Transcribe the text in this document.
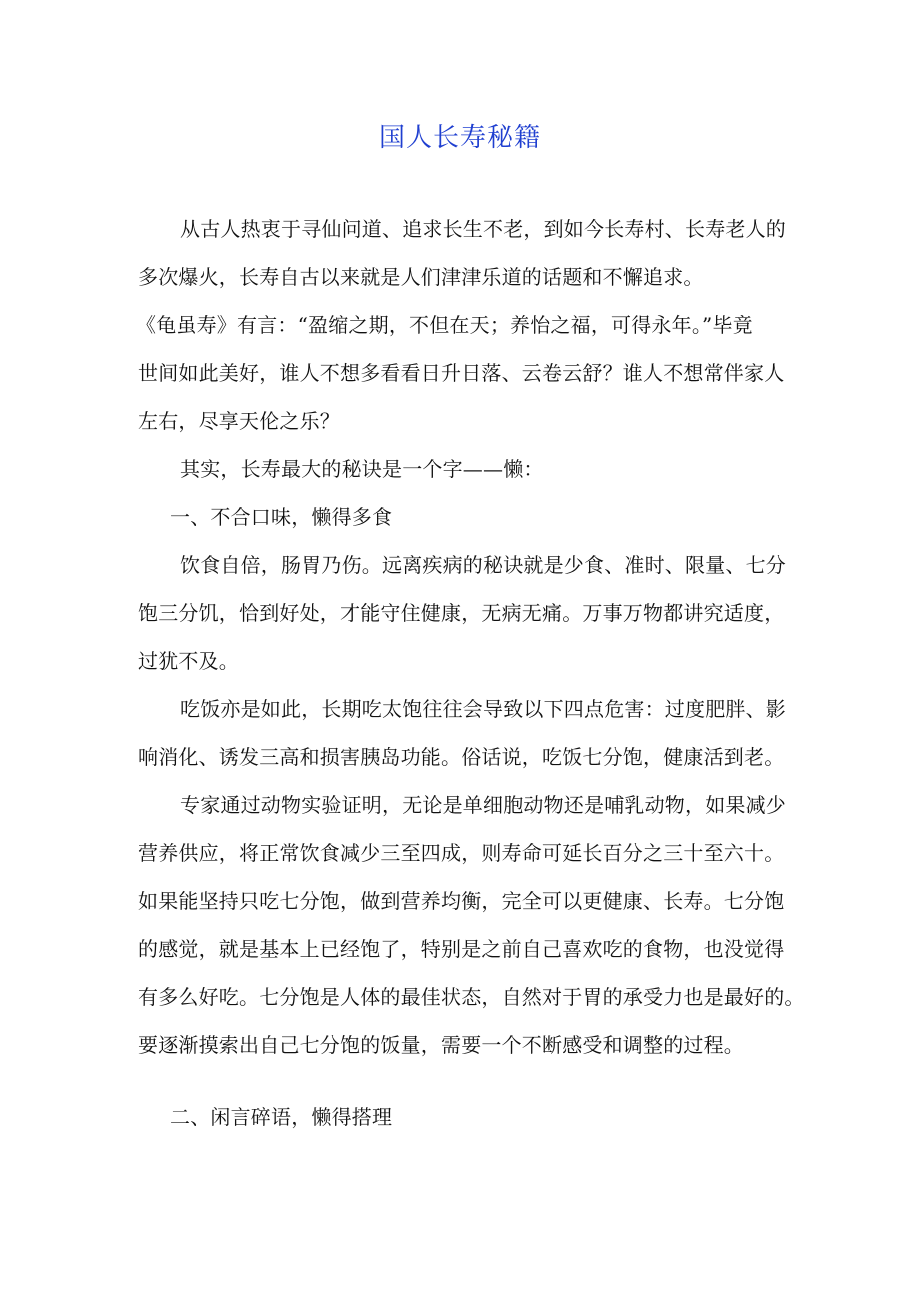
国人长寿秘籍
从古人热衷于寻仙问道、追求长生不老，到如今长寿村、长寿老人的
多次爆火，长寿自古以来就是人们津津乐道的话题和不懈追求。
《龟虽寿》有言：“盈缩之期，不但在天；养怡之福，可得永年。”毕竟
世间如此美好，谁人不想多看看日升日落、云卷云舒？谁人不想常伴家人
左右，尽享天伦之乐？
其实，长寿最大的秘诀是一个字——懒：
一、不合口味，懒得多食
饮食自倍，肠胃乃伤。远离疾病的秘诀就是少食、准时、限量、七分
饱三分饥，恰到好处，才能守住健康，无病无痛。万事万物都讲究适度，
过犹不及。
吃饭亦是如此，长期吃太饱往往会导致以下四点危害：过度肥胖、影
响消化、诱发三高和损害胰岛功能。俗话说，吃饭七分饱，健康活到老。
专家通过动物实验证明，无论是单细胞动物还是哺乳动物，如果减少
营养供应，将正常饮食减少三至四成，则寿命可延长百分之三十至六十。
如果能坚持只吃七分饱，做到营养均衡，完全可以更健康、长寿。七分饱
的感觉，就是基本上已经饱了，特别是之前自己喜欢吃的食物，也没觉得
有多么好吃。七分饱是人体的最佳状态，自然对于胃的承受力也是最好的。
要逐渐摸索出自己七分饱的饭量，需要一个不断感受和调整的过程。
二、闲言碎语，懒得搭理
